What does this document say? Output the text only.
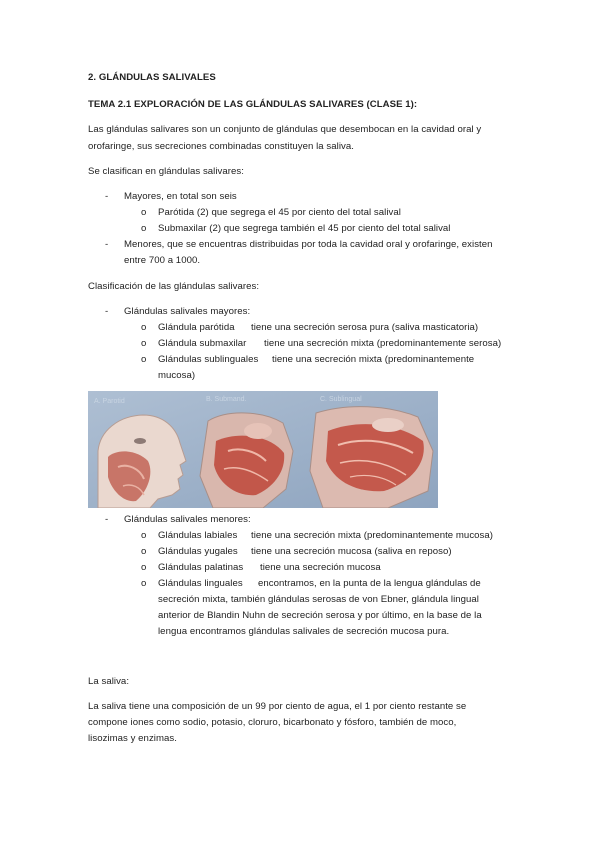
2. GLÁNDULAS SALIVALES
TEMA 2.1 EXPLORACIÓN DE LAS GLÁNDULAS SALIVARES (CLASE 1):
Las glándulas salivares son un conjunto de glándulas que desembocan en la cavidad oral y
orofaringe, sus secreciones combinadas constituyen la saliva.
Se clasifican en glándulas salivares:
- Mayores, en total son seis
o Parótida (2) que segrega el 45 por ciento del total salival
o Submaxilar (2) que segrega también el 45 por ciento del total salival
- Menores, que se encuentras distribuidas por toda la cavidad oral y orofaringe, existen
entre 700 a 1000.
Clasificación de las glándulas salivares:
- Glándulas salivales mayores:
o Glándula parótida tiene una secreción serosa pura (saliva masticatoria)
o Glándula submaxilar tiene una secreción mixta (predominantemente serosa)
o Glándulas sublinguales tiene una secreción mixta (predominantemente
mucosa)
A. Parotid	B. Submand.	C. Sublingual
- Glándulas salivales menores:
o Glándulas labiales tiene una secreción mixta (predominantemente mucosa)
o Glándulas yugales tiene una secreción mucosa (saliva en reposo)
o Glándulas palatinas tiene una secreción mucosa
o Glándulas linguales encontramos, en la punta de la lengua glándulas de
secreción mixta, también glándulas serosas de von Ebner, glándula lingual
anterior de Blandin Nuhn de secreción serosa y por último, en la base de la
lengua encontramos glándulas salivales de secreción mucosa pura.
La saliva:
La saliva tiene una composición de un 99 por ciento de agua, el 1 por ciento restante se
compone iones como sodio, potasio, cloruro, bicarbonato y fósforo, también de moco,
lisozimas y enzimas.
